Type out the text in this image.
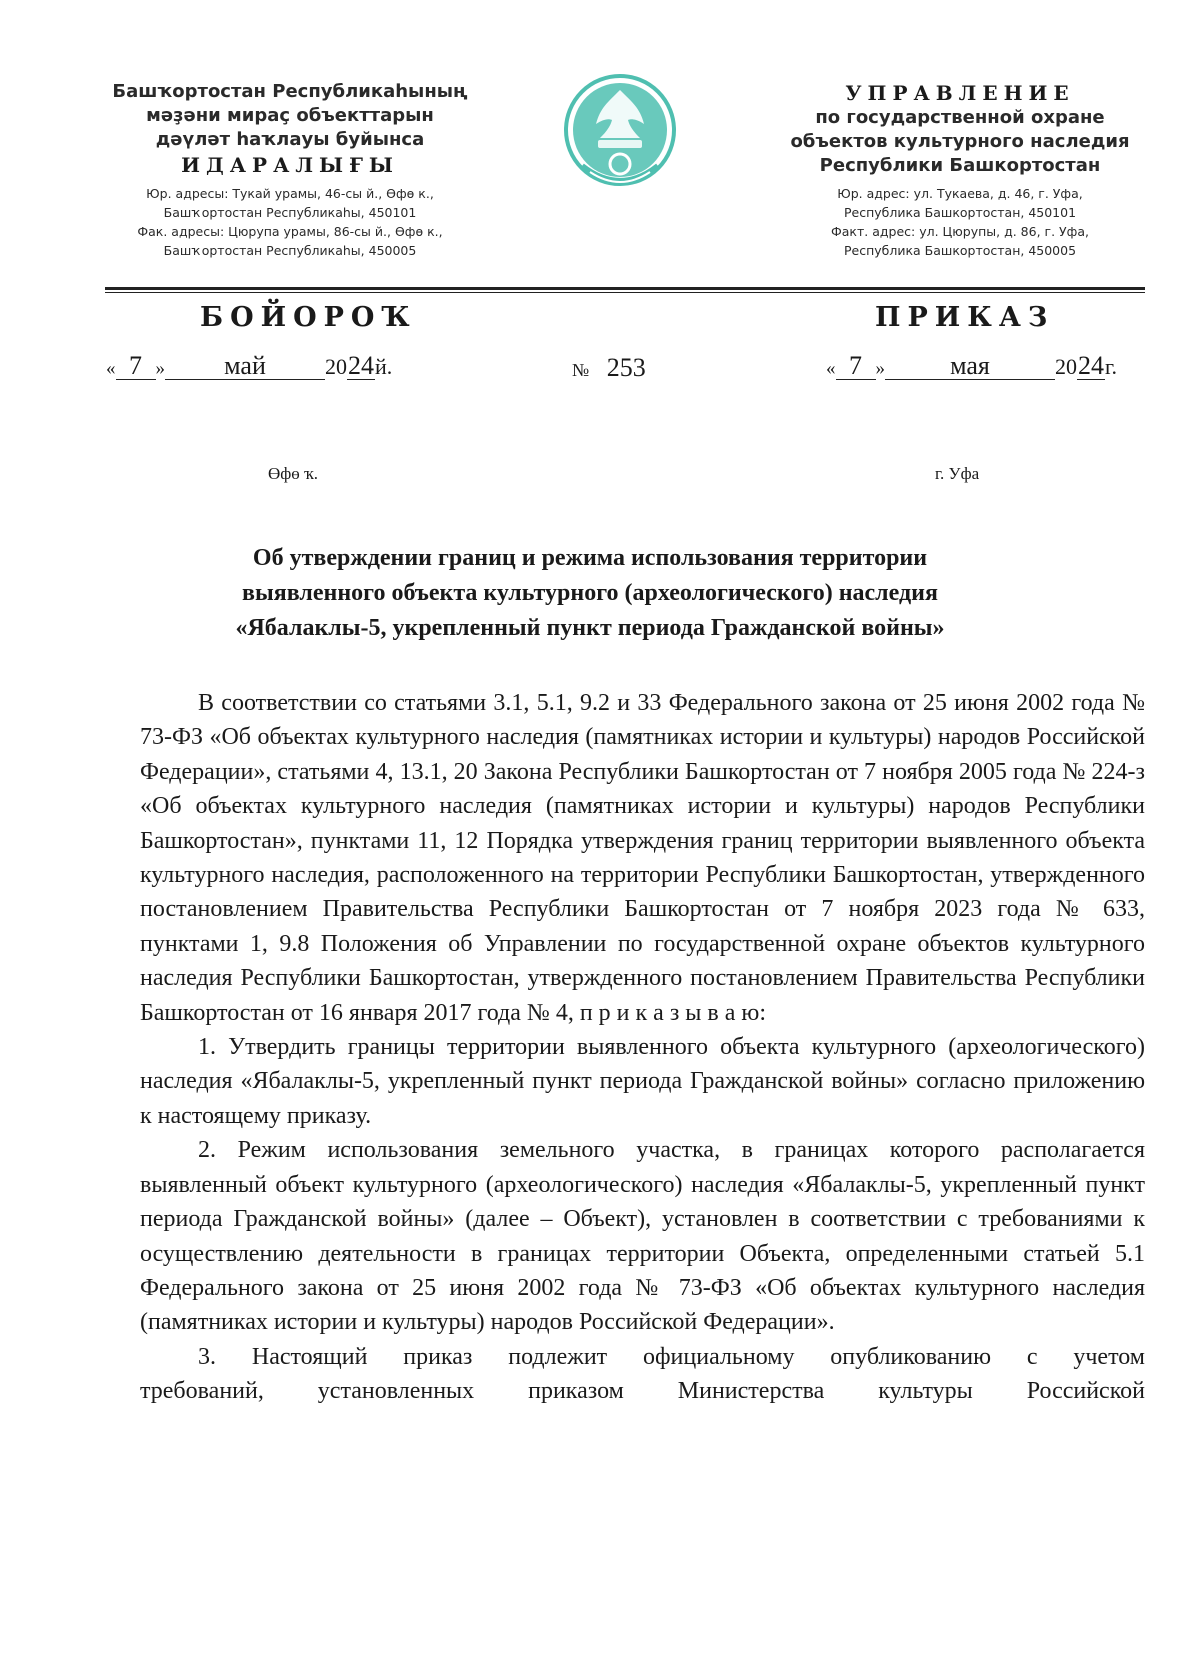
Башҡортостан Республикаһының
мәҙәни мираҫ объекттарын
дәүләт һаҡлауы буйынса
ИДАРАЛЫҒЫ
Юр. адресы: Тукай урамы, 46-сы й., Өфө к.,
Башҡортостан Республикаһы, 450101
Фак. адресы: Цюрупа урамы, 86-сы й., Өфө к.,
Башҡортостан Республикаһы, 450005
УПРАВЛЕНИЕ
по государственной охране
объектов культурного наследия
Республики Башкортостан
Юр. адрес: ул. Тукаева, д. 46, г. Уфа,
Республика Башкортостан, 450101
Факт. адрес: ул. Цюрупы, д. 86, г. Уфа,
Республика Башкортостан, 450005
БОЙОРОҠ	ПРИКАЗ
« 7 » май	2024й.	№ 253	« 7 »	мая	2024г.
Өфө ҡ.	г. Уфа
Об утверждении границ и режима использования территории
выявленного объекта культурного (археологического) наследия
«Ябалаклы-5, укрепленный пункт периода Гражданской войны»

В соответствии со статьями 3.1, 5.1, 9.2 и 33 Федерального закона от 25 июня 2002 года № 73-ФЗ «Об объектах культурного наследия (памятниках истории и культуры) народов Российской Федерации», статьями 4, 13.1, 20 Закона Республики Башкортостан от 7 ноября 2005 года № 224-з «Об объектах культурного наследия (памятниках истории и культуры) народов Республики Башкортостан», пунктами 11, 12 Порядка утверждения границ территории выявленного объекта культурного наследия, расположенного на территории Республики Башкортостан, утвержденного постановлением Правительства Республики Башкортостан от 7 ноября 2023 года № 633, пунктами 1, 9.8 Положения об Управлении по государственной охране объектов культурного наследия Республики Башкортостан, утвержденного постановлением Правительства Республики Башкортостан от 16 января 2017 года № 4, п р и к а з ы в а ю:

1. Утвердить границы территории выявленного объекта культурного (археологического) наследия «Ябалаклы-5, укрепленный пункт периода Гражданской войны» согласно приложению к настоящему приказу.

2. Режим использования земельного участка, в границах которого располагается выявленный объект культурного (археологического) наследия «Ябалаклы-5, укрепленный пункт периода Гражданской войны» (далее – Объект), установлен в соответствии с требованиями к осуществлению деятельности в границах территории Объекта, определенными статьей 5.1 Федерального закона от 25 июня 2002 года № 73-ФЗ «Об объектах культурного наследия (памятниках истории и культуры) народов Российской Федерации».

3. Настоящий приказ подлежит официальному опубликованию с учетом

требований, установленных приказом Министерства культуры Российской
